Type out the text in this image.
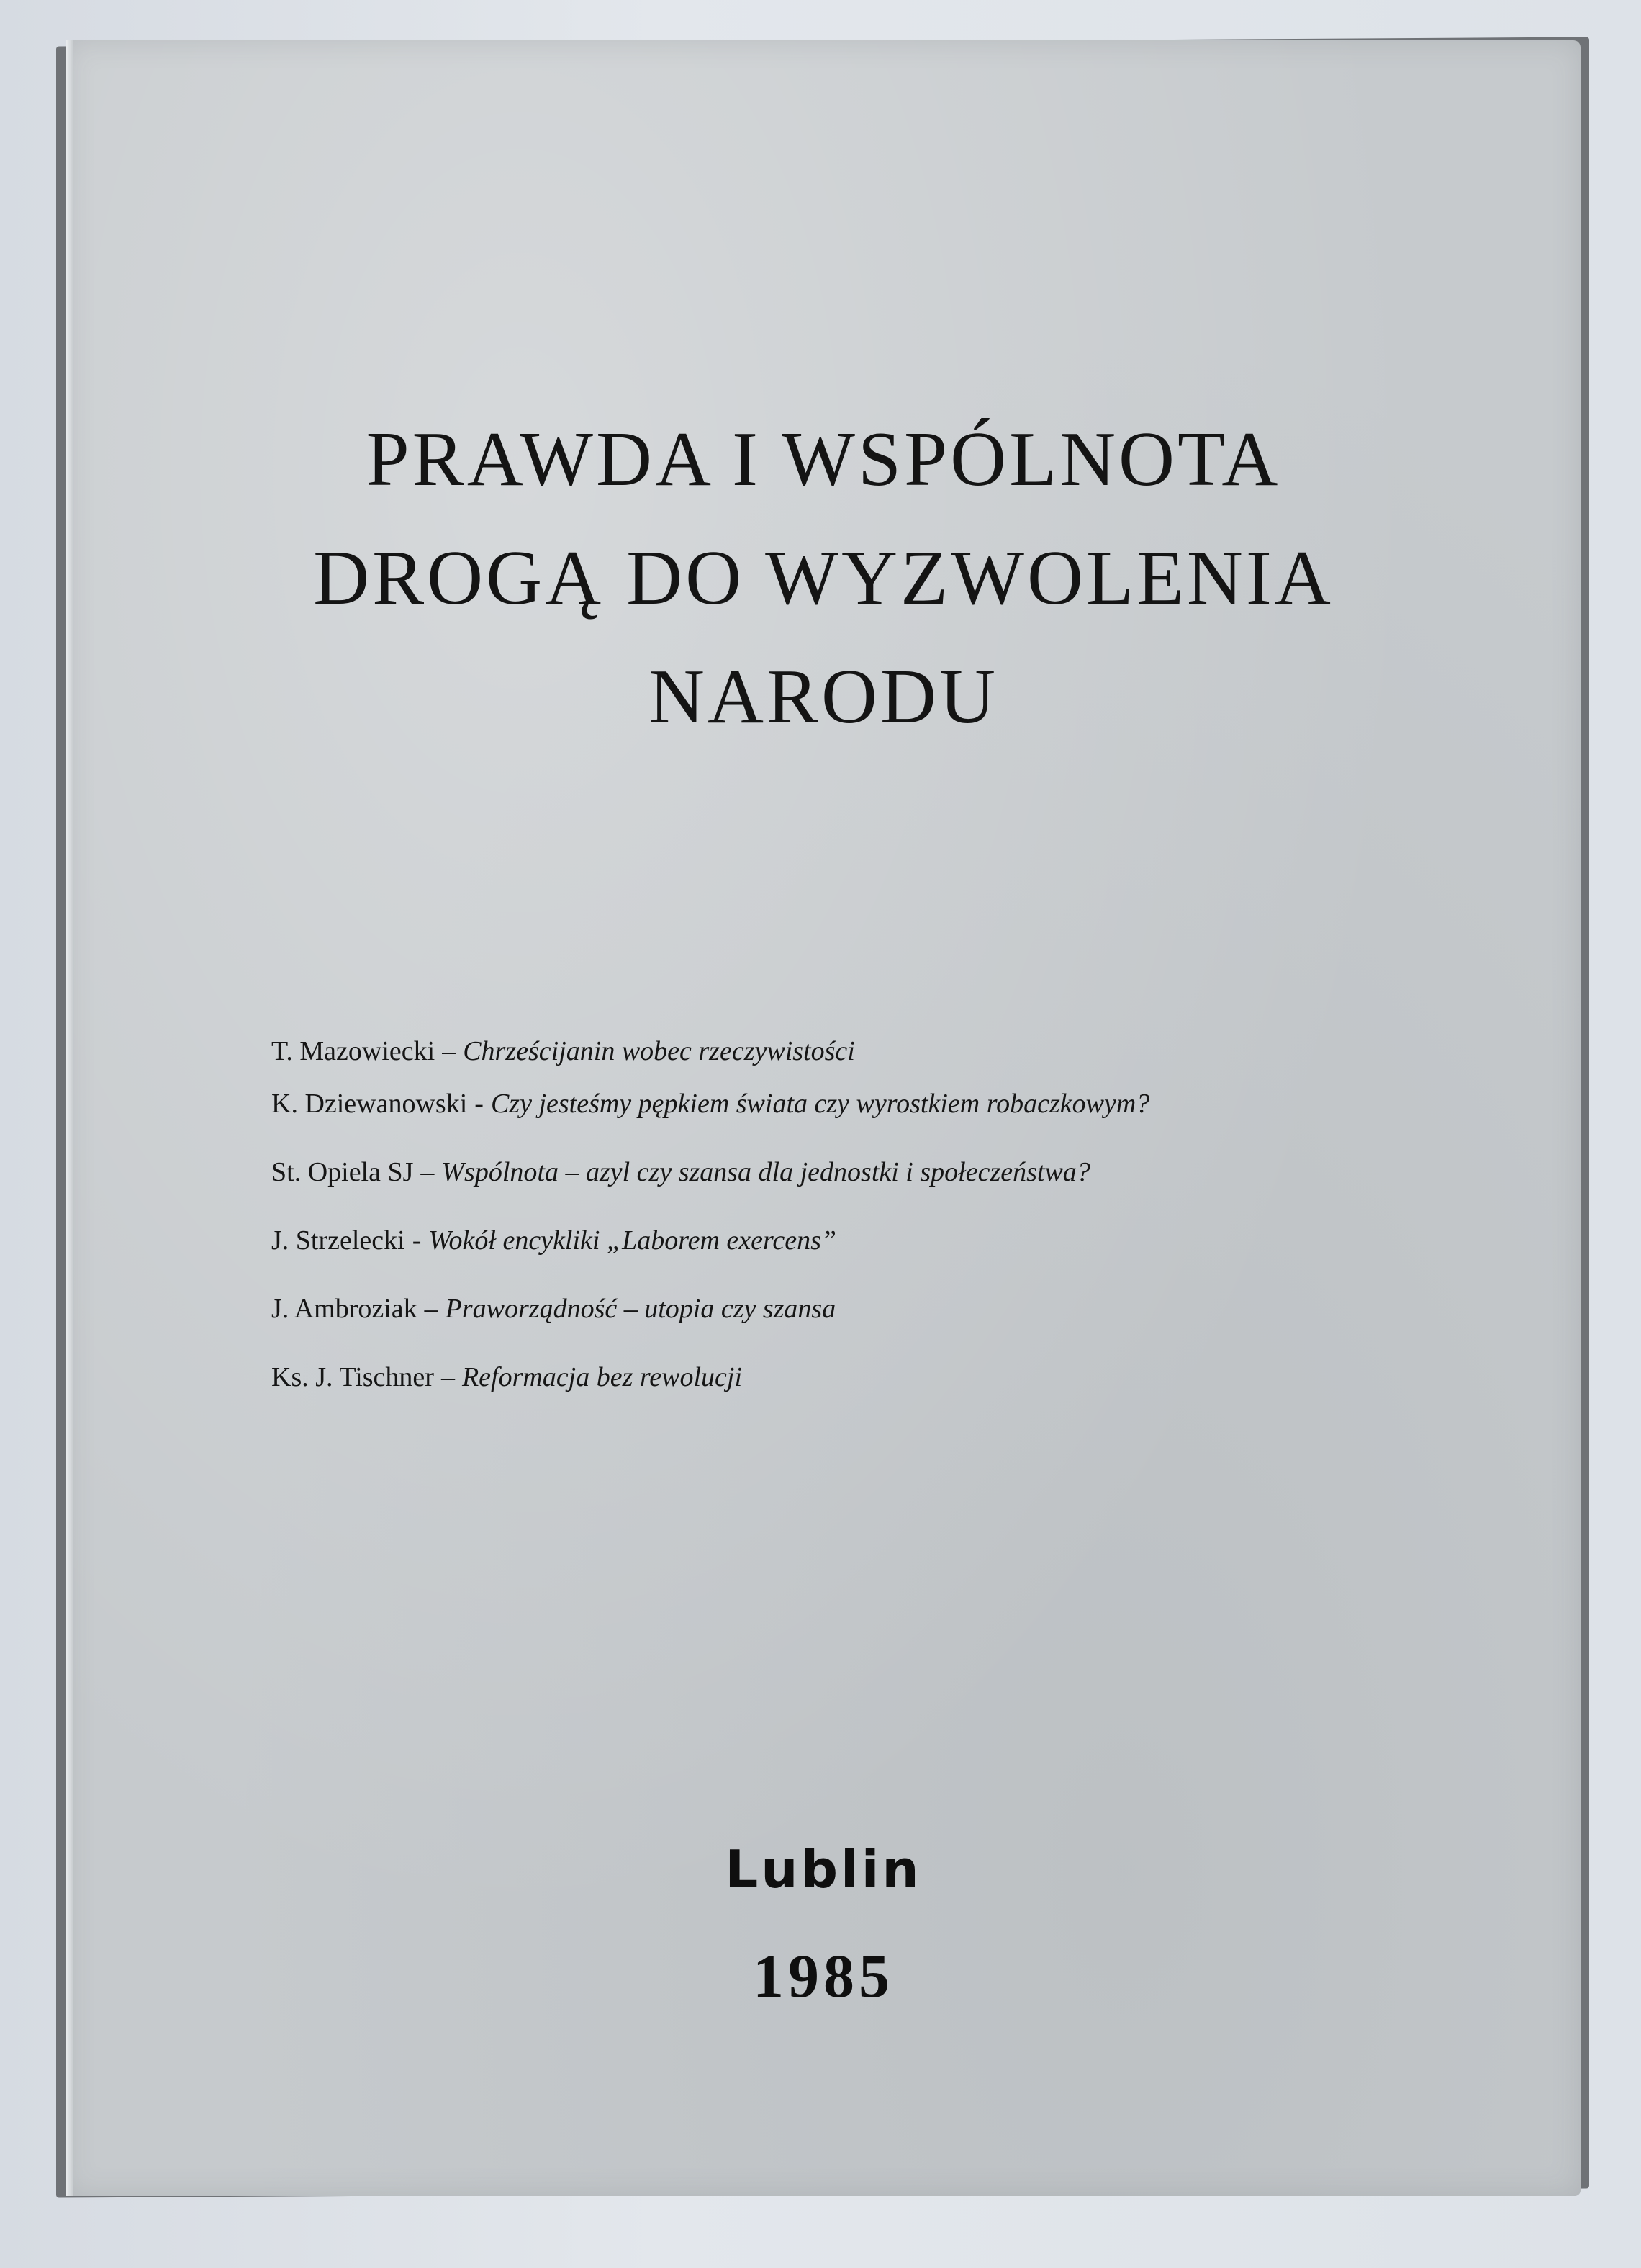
PRAWDA I WSPÓLNOTA
DROGĄ DO WYZWOLENIA
NARODU
T. Mazowiecki – Chrześcijanin wobec rzeczywistości
K. Dziewanowski - Czy jesteśmy pępkiem świata czy wyrostkiem robaczkowym?
St. Opiela SJ – Wspólnota – azyl czy szansa dla jednostki i społeczeństwa?
J. Strzelecki - Wokół encykliki „Laborem exercens”
J. Ambroziak – Praworządność – utopia czy szansa
Ks. J. Tischner – Reformacja bez rewolucji
Lublin
1985
